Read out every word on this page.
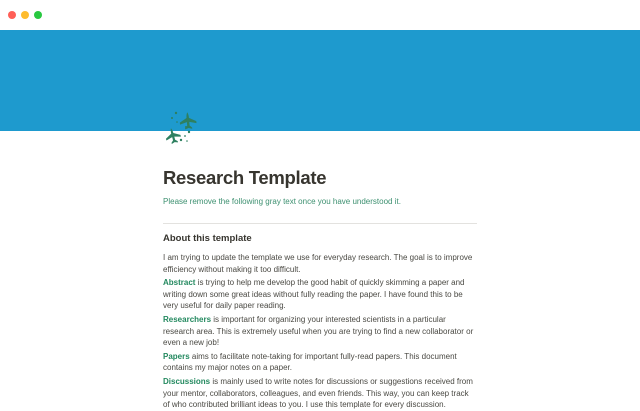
Research Template

Please remove the following gray text once you have understood it.

About this template

I am trying to update the template we use for everyday research. The goal is to improve efficiency without making it too difficult.

Abstract is trying to help me develop the good habit of quickly skimming a paper and writing down some great ideas without fully reading the paper. I have found this to be very useful for daily paper reading.

Researchers is important for organizing your interested scientists in a particular research area. This is extremely useful when you are trying to find a new collaborator or even a new job!

Papers aims to facilitate note-taking for important fully-read papers. This document contains my major notes on a paper.

Discussions is mainly used to write notes for discussions or suggestions received from your mentor, collaborators, colleagues, and even friends. This way, you can keep track of who contributed brilliant ideas to you. I use this template for every discussion.
